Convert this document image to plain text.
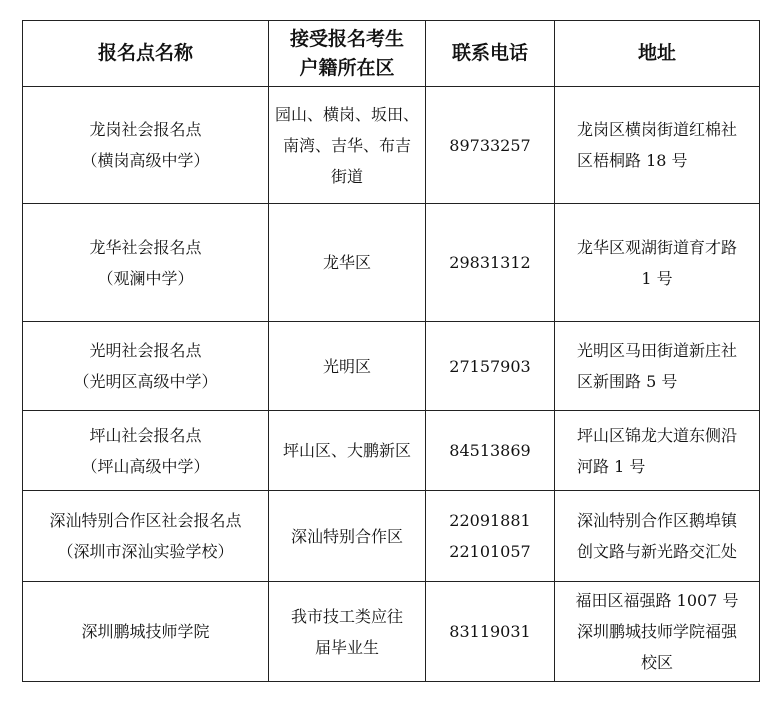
报名点名称	接受报名考生
户籍所在区	联系电话	地址

龙岗社会报名点
（横岗高级中学）	园山、横岗、坂田、
南湾、吉华、布吉
街道	89733257	龙岗区横岗街道红棉社
区梧桐路 18 号

龙华社会报名点
（观澜中学）	龙华区	29831312	龙华区观湖街道育才路
1 号

光明社会报名点
（光明区高级中学）	光明区	27157903	光明区马田街道新庄社
区新围路 5 号

坪山社会报名点
（坪山高级中学）	坪山区、大鹏新区	84513869	坪山区锦龙大道东侧沿
河路 1 号

深汕特别合作区社会报名点
（深圳市深汕实验学校）	深汕特别合作区	22091881
22101057	深汕特别合作区鹅埠镇
创文路与新光路交汇处

深圳鹏城技师学院	我市技工类应往
届毕业生	83119031	福田区福强路 1007 号
深圳鹏城技师学院福强
校区
